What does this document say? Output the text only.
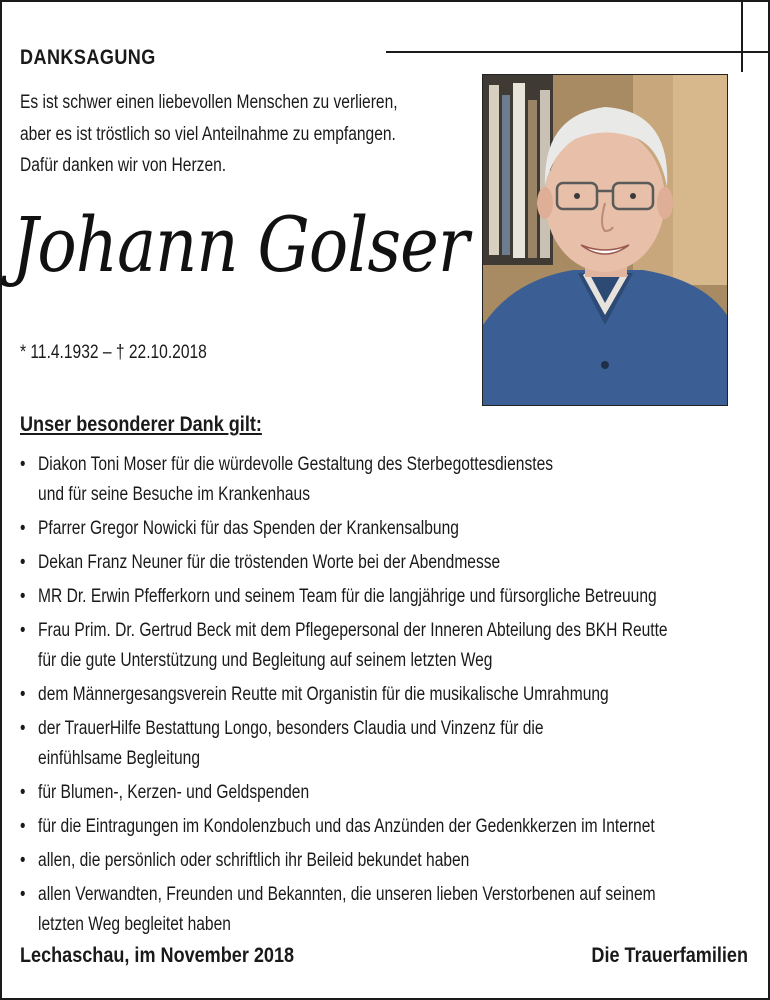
DANKSAGUNG
Es ist schwer einen liebevollen Menschen zu verlieren,
aber es ist tröstlich so viel Anteilnahme zu empfangen.
Dafür danken wir von Herzen.
Johann Golser
* 11.4.1932 – † 22.10.2018
Unser besonderer Dank gilt:
• Diakon Toni Moser für die würdevolle Gestaltung des Sterbegottesdienstes
und für seine Besuche im Krankenhaus
• Pfarrer Gregor Nowicki für das Spenden der Krankensalbung
• Dekan Franz Neuner für die tröstenden Worte bei der Abendmesse
• MR Dr. Erwin Pfefferkorn und seinem Team für die langjährige und fürsorgliche Betreuung
• Frau Prim. Dr. Gertrud Beck mit dem Pflegepersonal der Inneren Abteilung des BKH Reutte
für die gute Unterstützung und Begleitung auf seinem letzten Weg
• dem Männergesangsverein Reutte mit Organistin für die musikalische Umrahmung
• der TrauerHilfe Bestattung Longo, besonders Claudia und Vinzenz für die
einfühlsame Begleitung
• für Blumen-, Kerzen- und Geldspenden
• für die Eintragungen im Kondolenzbuch und das Anzünden der Gedenkkerzen im Internet
• allen, die persönlich oder schriftlich ihr Beileid bekundet haben
• allen Verwandten, Freunden und Bekannten, die unseren lieben Verstorbenen auf seinem
letzten Weg begleitet haben
Lechaschau, im November 2018	Die Trauerfamilien
